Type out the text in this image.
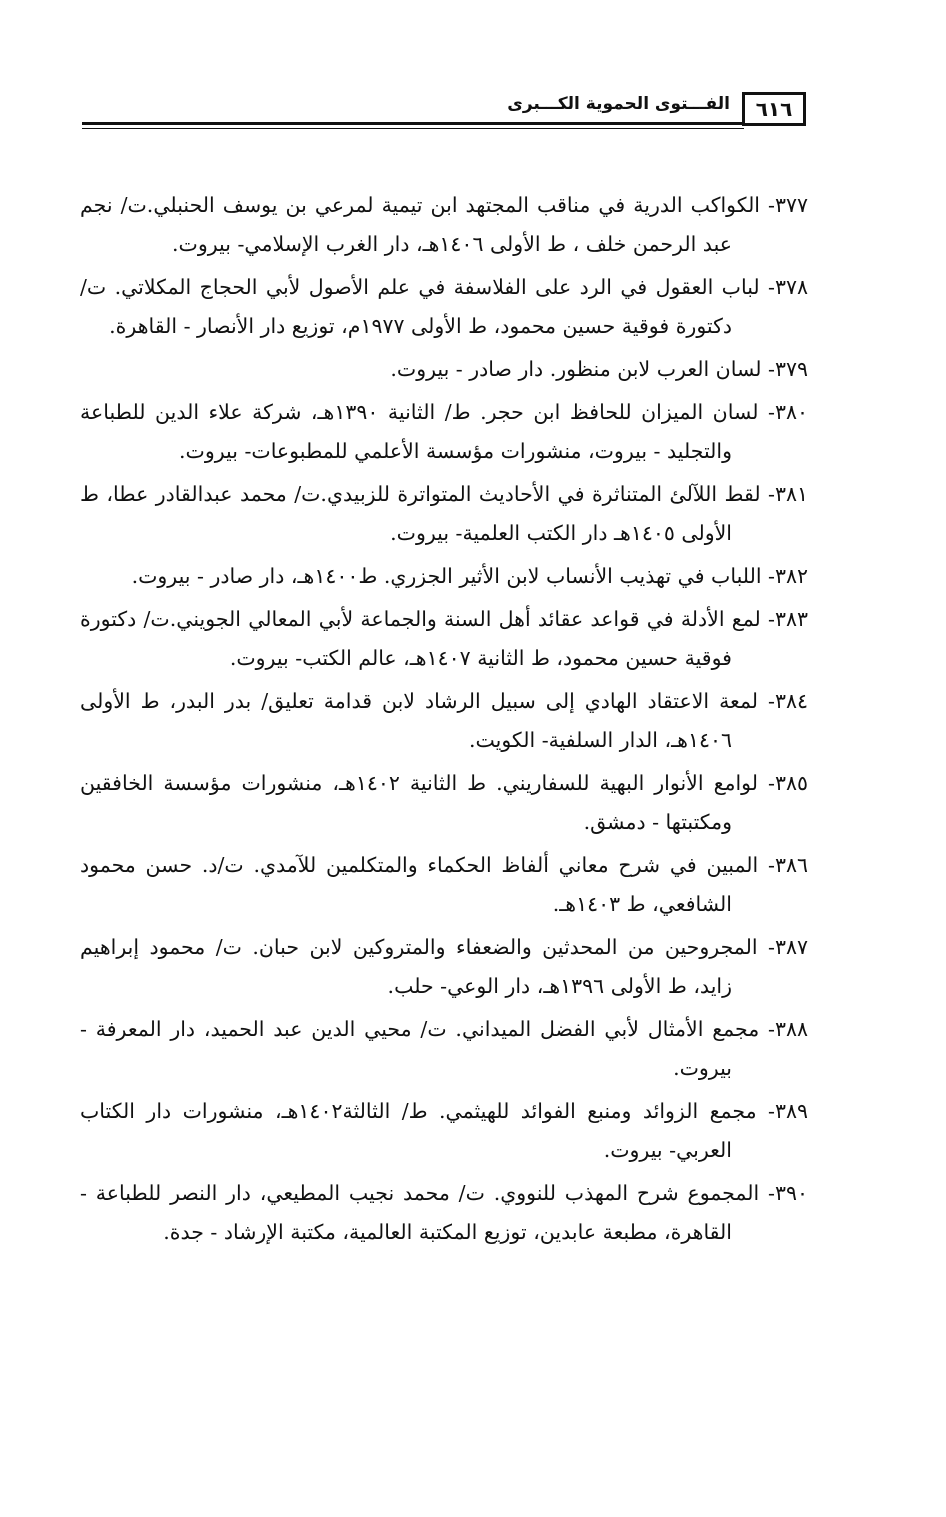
٦١٦
الفـــتوى الحموية الكـــبرى

٣٧٧- الكواكب الدرية في مناقب المجتهد ابن تيمية لمرعي بن يوسف الحنبلي.ت/ نجم عبد الرحمن خلف ، ط الأولى ١٤٠٦هـ، دار الغرب الإسلامي- بيروت.

٣٧٨- لباب العقول في الرد على الفلاسفة في علم الأصول لأبي الحجاج المكلاتي. ت/ دكتورة فوقية حسين محمود، ط الأولى ١٩٧٧م، توزيع دار الأنصار - القاهرة.

٣٧٩- لسان العرب لابن منظور. دار صادر - بيروت.

٣٨٠- لسان الميزان للحافظ ابن حجر. ط/ الثانية ١٣٩٠هـ، شركة علاء الدين للطباعة والتجليد - بيروت، منشورات مؤسسة الأعلمي للمطبوعات- بيروت.

٣٨١- لقط اللآلئ المتناثرة في الأحاديث المتواترة للزبيدي.ت/ محمد عبدالقادر عطا، ط الأولى ١٤٠٥هـ دار الكتب العلمية- بيروت.

٣٨٢- اللباب في تهذيب الأنساب لابن الأثير الجزري. ط١٤٠٠هـ، دار صادر - بيروت.

٣٨٣- لمع الأدلة في قواعد عقائد أهل السنة والجماعة لأبي المعالي الجويني.ت/ دكتورة فوقية حسين محمود، ط الثانية ١٤٠٧هـ، عالم الكتب- بيروت.

٣٨٤- لمعة الاعتقاد الهادي إلى سبيل الرشاد لابن قدامة تعليق/ بدر البدر، ط الأولى ١٤٠٦هـ، الدار السلفية- الكويت.

٣٨٥- لوامع الأنوار البهية للسفاريني. ط الثانية ١٤٠٢هـ، منشورات مؤسسة الخافقين ومكتبتها - دمشق.

٣٨٦- المبين في شرح معاني ألفاظ الحكماء والمتكلمين للآمدي. ت/د. حسن محمود الشافعي، ط ١٤٠٣هـ.

٣٨٧- المجروحين من المحدثين والضعفاء والمتروكين لابن حبان. ت/ محمود إبراهيم زايد، ط الأولى ١٣٩٦هـ، دار الوعي- حلب.

٣٨٨- مجمع الأمثال لأبي الفضل الميداني. ت/ محيي الدين عبد الحميد، دار المعرفة - بيروت.

٣٨٩- مجمع الزوائد ومنبع الفوائد للهيثمي. ط/ الثالثة١٤٠٢هـ، منشورات دار الكتاب العربي- بيروت.

٣٩٠- المجموع شرح المهذب للنووي. ت/ محمد نجيب المطيعي، دار النصر للطباعة - القاهرة، مطبعة عابدين، توزيع المكتبة العالمية، مكتبة الإرشاد - جدة.
